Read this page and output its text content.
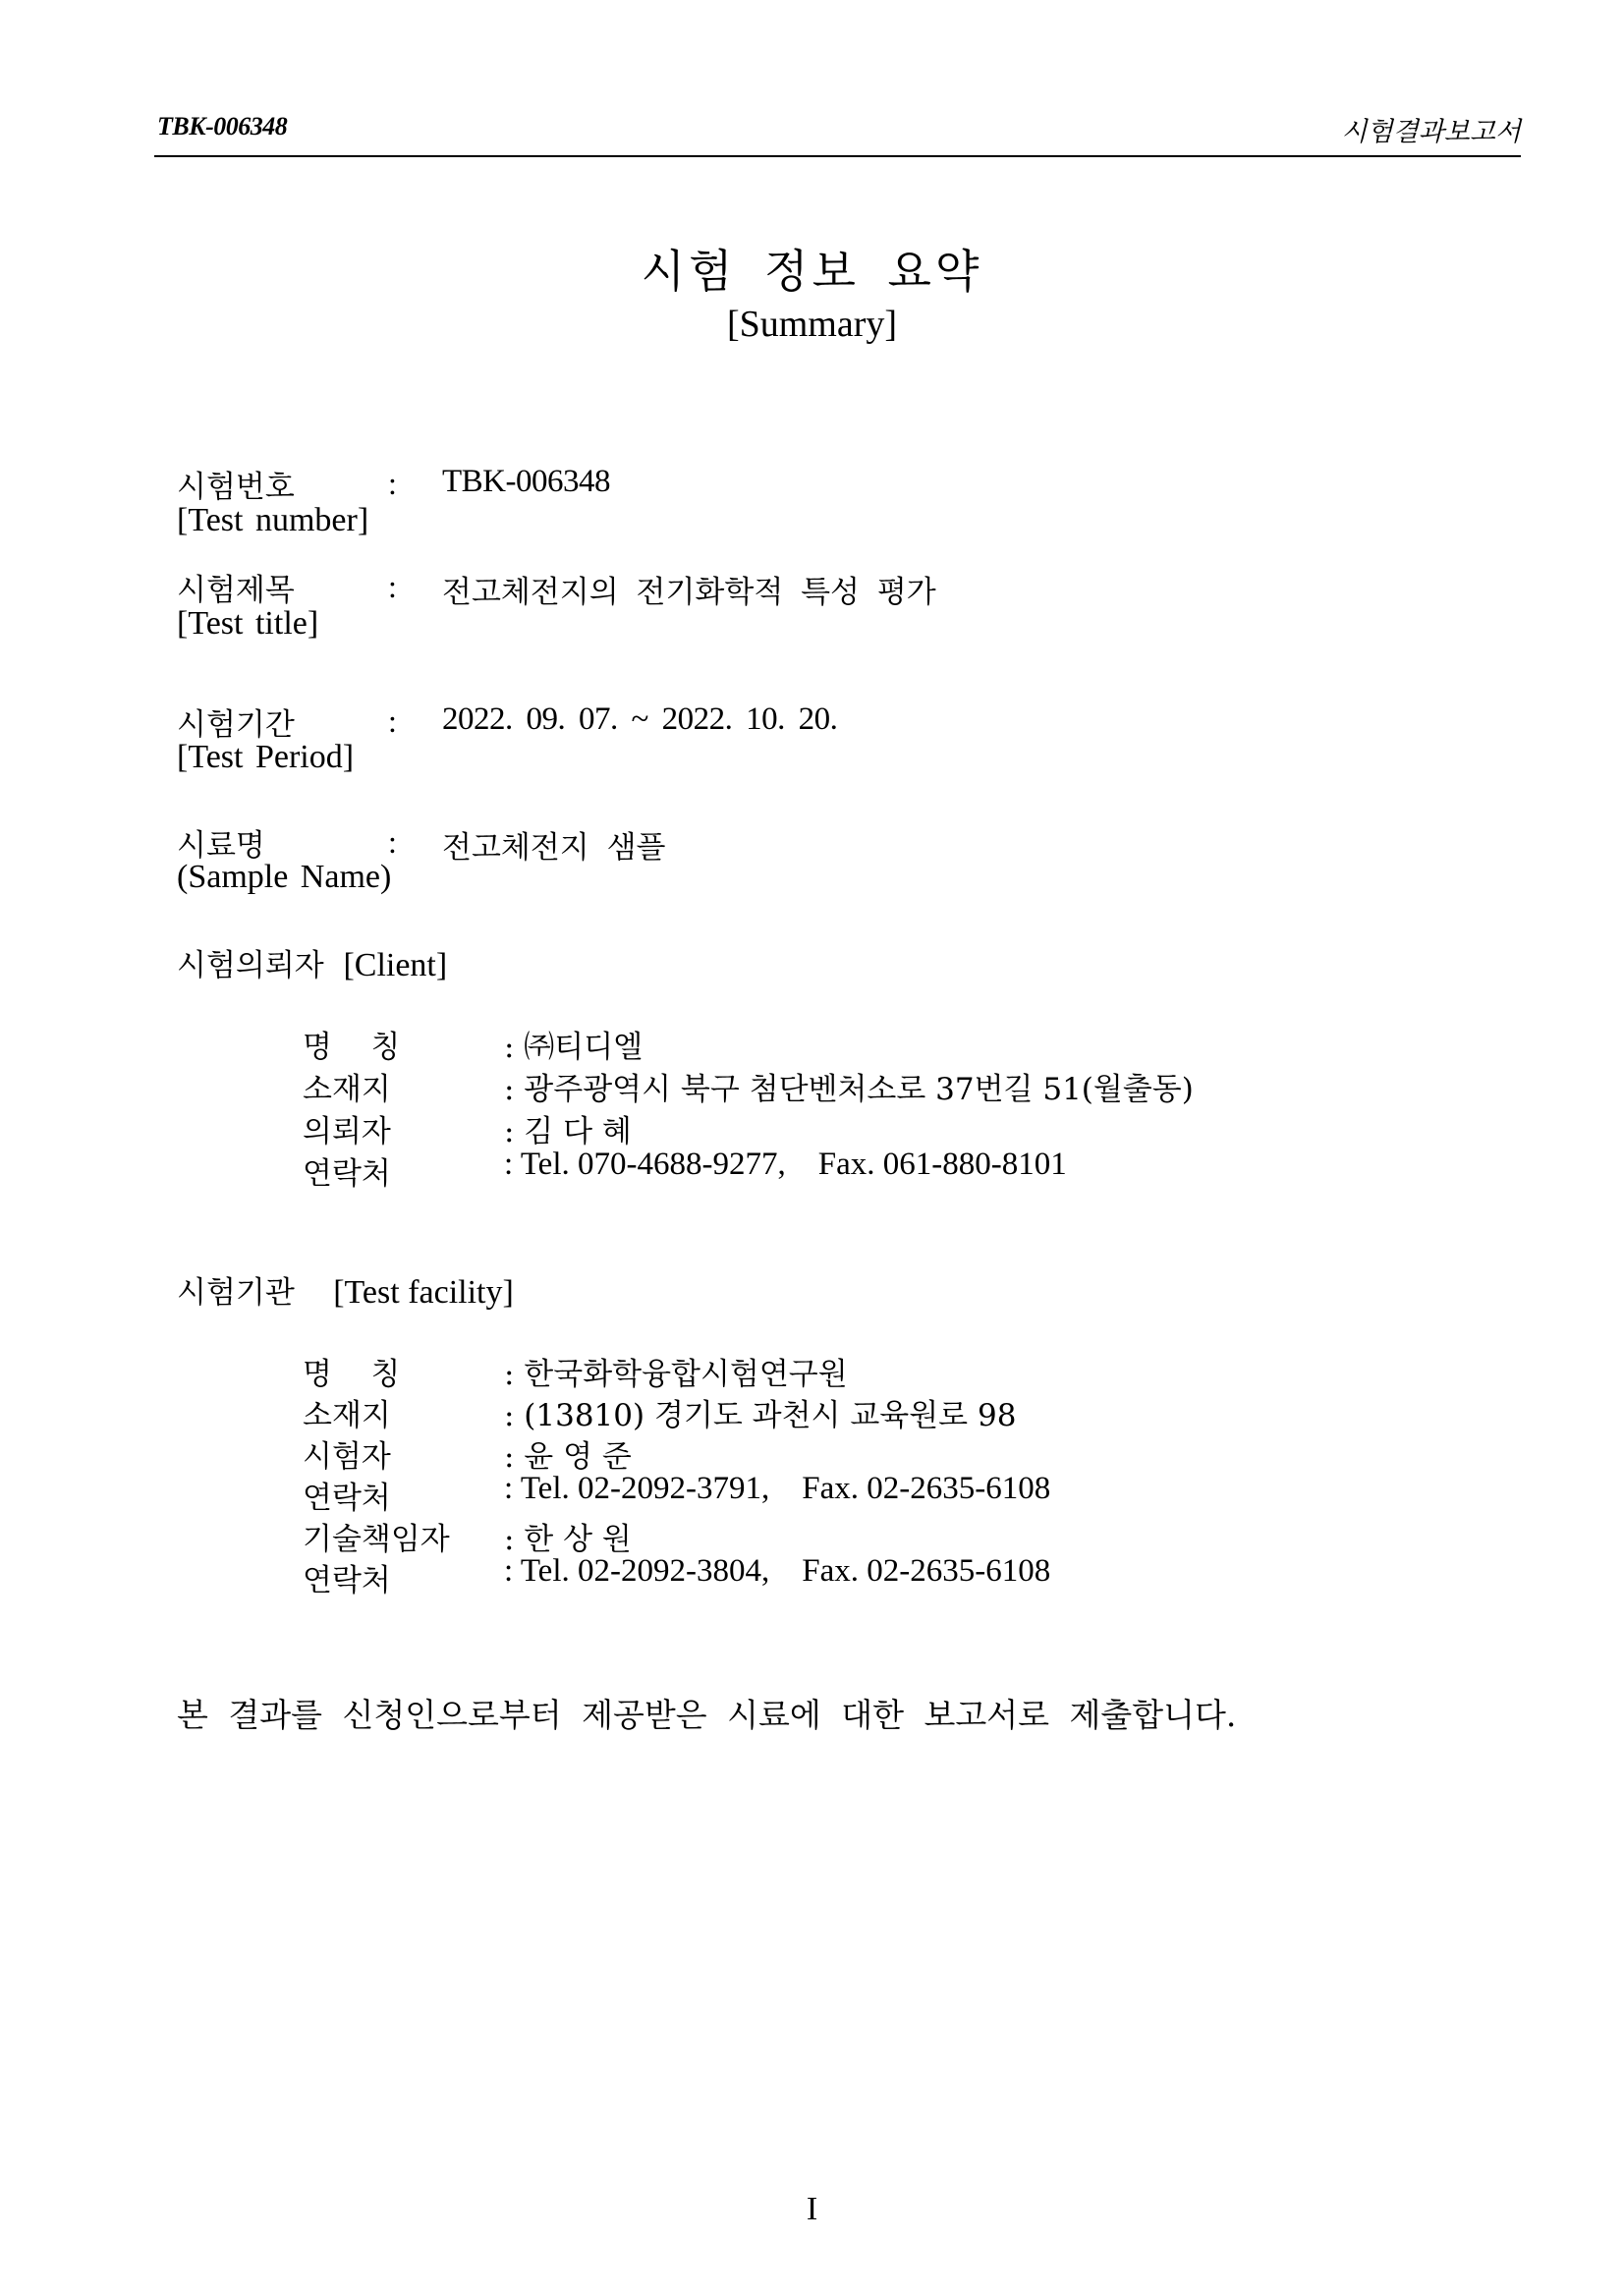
TBK-006348	시험결과보고서
시험 정보 요약
[Summary]
시험번호	: TBK-006348
[Test number]
시험제목	: 전고체전지의 전기화학적 특성 평가
[Test title]
시험기간	: 2022. 09. 07. ~ 2022. 10. 20.
[Test Period]
시료명	: 전고체전지 샘플
(Sample Name)
시험의뢰자 [Client]
명    칭	: ㈜티디엘
소재지	: 광주광역시 북구 첨단벤처소로 37번길 51(월출동)
의뢰자	: 김 다 혜
연락처	: Tel. 070-4688-9277,    Fax. 061-880-8101
시험기관 [Test facility]
명    칭	: 한국화학융합시험연구원
소재지	: (13810) 경기도 과천시 교육원로 98
시험자	: 윤 영 준
연락처	: Tel. 02-2092-3791,    Fax. 02-2635-6108
기술책임자 : 한 상 원
연락처	: Tel. 02-2092-3804,    Fax. 02-2635-6108
본 결과를 신청인으로부터 제공받은 시료에 대한 보고서로 제출합니다.
I
